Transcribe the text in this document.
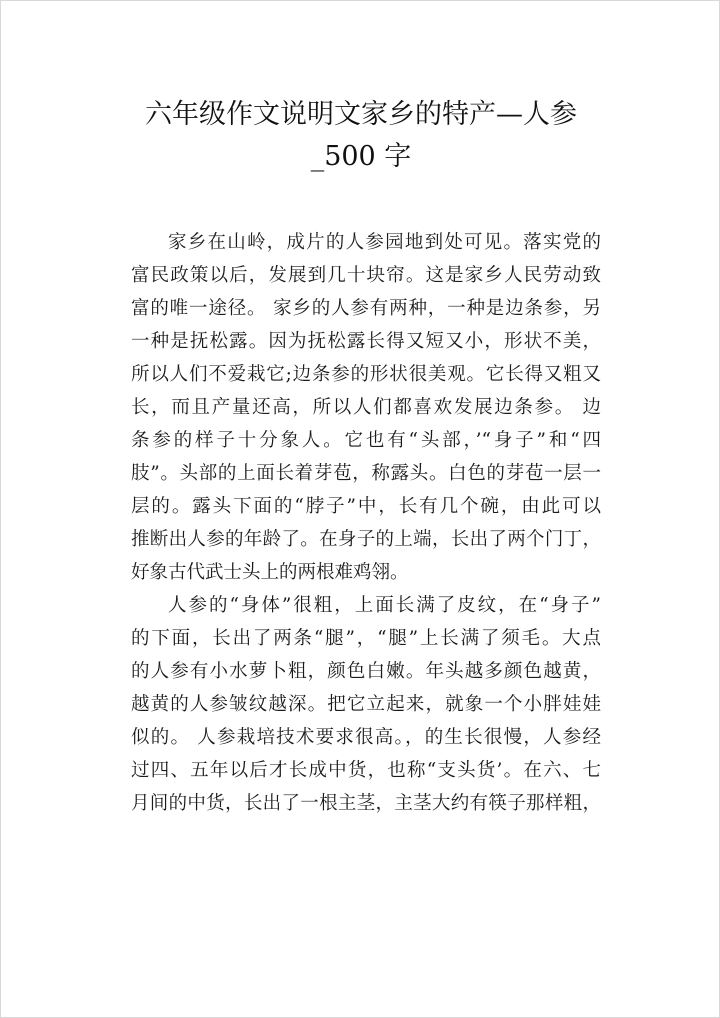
六年级作文说明文家乡的特产—人参
_500 字
家乡在山岭，成片的人参园地到处可见。落实党的
富民政策以后，发展到几十块帘。这是家乡人民劳动致
富的唯一途径。 家乡的人参有两种，一种是边条参，另
一种是抚松露。因为抚松露长得又短又小，形状不美，
所以人们不爱栽它;边条参的形状很美观。它长得又粗又
长，而且产量还高，所以人们都喜欢发展边条参。 边
条参的样子十分象人。它也有“头部，’“身子”和“四
肢”。头部的上面长着芽苞，称露头。白色的芽苞一层一
层的。露头下面的“脖子”中，长有几个碗，由此可以
推断出人参的年龄了。在身子的上端，长出了两个门丁，
好象古代武士头上的两根难鸡翎。
人参的“身体”很粗，上面长满了皮纹，在“身子”
的下面，长出了两条“腿”，“腿”上长满了须毛。大点
的人参有小水萝卜粗，颜色白嫩。年头越多颜色越黄，
越黄的人参皱纹越深。把它立起来，就象一个小胖娃娃
似的。 人参栽培技术要求很高。，的生长很慢，人参经
过四、五年以后才长成中货，也称“支头货’。在六、七
月间的中货，长出了一根主茎，主茎大约有筷子那样粗，
